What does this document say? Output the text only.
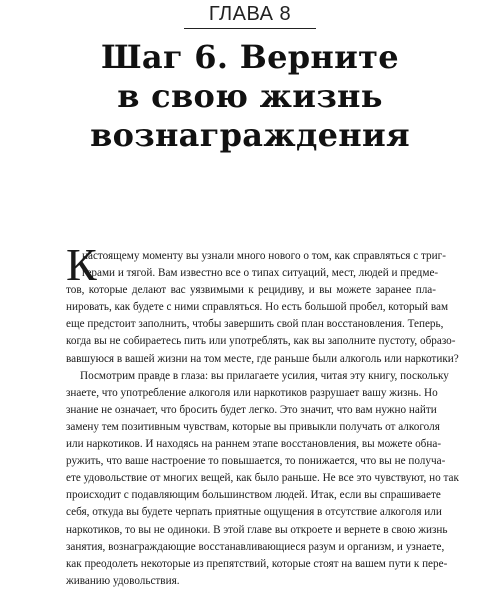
ГЛАВА 8
Шаг 6. Верните
в свою жизнь
вознаграждения
К
настоящему моменту вы узнали много нового о том, как справляться с триг-
герами и тягой. Вам известно все о типах ситуаций, мест, людей и предме-
тов, которые делают вас уязвимыми к рецидиву, и вы можете заранее пла-
нировать, как будете с ними справляться. Но есть большой пробел, который вам
еще предстоит заполнить, чтобы завершить свой план восстановления. Теперь,
когда вы не собираетесь пить или употреблять, как вы заполните пустоту, образо-
вавшуюся в вашей жизни на том месте, где раньше были алкоголь или наркотики?
Посмотрим правде в глаза: вы прилагаете усилия, читая эту книгу, поскольку
знаете, что употребление алкоголя или наркотиков разрушает вашу жизнь. Но
знание не означает, что бросить будет легко. Это значит, что вам нужно найти
замену тем позитивным чувствам, которые вы привыкли получать от алкоголя
или наркотиков. И находясь на раннем этапе восстановления, вы можете обна-
ружить, что ваше настроение то повышается, то понижается, что вы не получа-
ете удовольствие от многих вещей, как было раньше. Не все это чувствуют, но так
происходит с подавляющим большинством людей. Итак, если вы спрашиваете
себя, откуда вы будете черпать приятные ощущения в отсутствие алкоголя или
наркотиков, то вы не одиноки. В этой главе вы откроете и вернете в свою жизнь
занятия, вознаграждающие восстанавливающиеся разум и организм, и узнаете,
как преодолеть некоторые из препятствий, которые стоят на вашем пути к пере-
живанию удовольствия.
